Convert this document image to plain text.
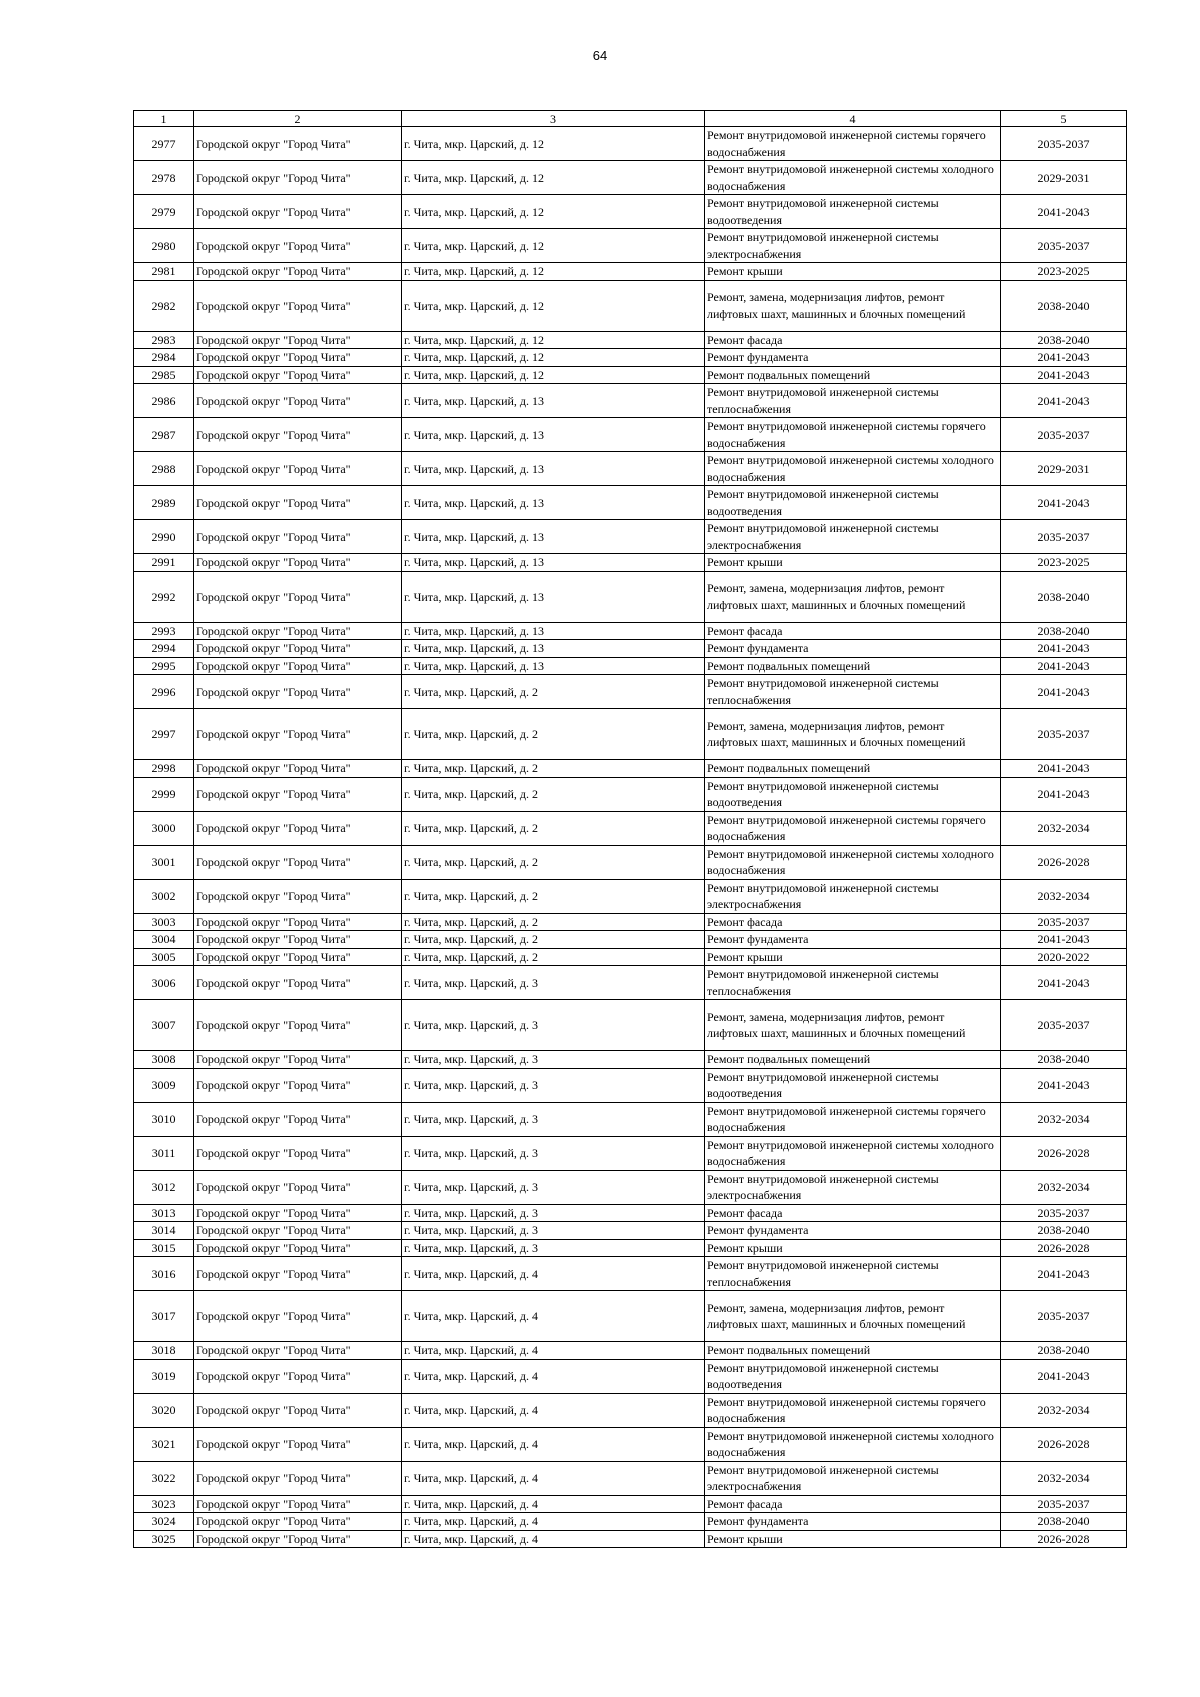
64
1	2	3	4	5
2977	Городской округ "Город Чита"	г. Чита, мкр. Царский, д. 12	Ремонт внутридомовой инженерной системы горячего водоснабжения	2035-2037
2978	Городской округ "Город Чита"	г. Чита, мкр. Царский, д. 12	Ремонт внутридомовой инженерной системы холодного водоснабжения	2029-2031
2979	Городской округ "Город Чита"	г. Чита, мкр. Царский, д. 12	Ремонт внутридомовой инженерной системы водоотведения	2041-2043
2980	Городской округ "Город Чита"	г. Чита, мкр. Царский, д. 12	Ремонт внутридомовой инженерной системы электроснабжения	2035-2037
2981	Городской округ "Город Чита"	г. Чита, мкр. Царский, д. 12	Ремонт крыши	2023-2025
2982	Городской округ "Город Чита"	г. Чита, мкр. Царский, д. 12	Ремонт, замена, модернизация лифтов, ремонт лифтовых шахт, машинных и блочных помещений	2038-2040
2983	Городской округ "Город Чита"	г. Чита, мкр. Царский, д. 12	Ремонт фасада	2038-2040
2984	Городской округ "Город Чита"	г. Чита, мкр. Царский, д. 12	Ремонт фундамента	2041-2043
2985	Городской округ "Город Чита"	г. Чита, мкр. Царский, д. 12	Ремонт подвальных помещений	2041-2043
2986	Городской округ "Город Чита"	г. Чита, мкр. Царский, д. 13	Ремонт внутридомовой инженерной системы теплоснабжения	2041-2043
2987	Городской округ "Город Чита"	г. Чита, мкр. Царский, д. 13	Ремонт внутридомовой инженерной системы горячего водоснабжения	2035-2037
2988	Городской округ "Город Чита"	г. Чита, мкр. Царский, д. 13	Ремонт внутридомовой инженерной системы холодного водоснабжения	2029-2031
2989	Городской округ "Город Чита"	г. Чита, мкр. Царский, д. 13	Ремонт внутридомовой инженерной системы водоотведения	2041-2043
2990	Городской округ "Город Чита"	г. Чита, мкр. Царский, д. 13	Ремонт внутридомовой инженерной системы электроснабжения	2035-2037
2991	Городской округ "Город Чита"	г. Чита, мкр. Царский, д. 13	Ремонт крыши	2023-2025
2992	Городской округ "Город Чита"	г. Чита, мкр. Царский, д. 13	Ремонт, замена, модернизация лифтов, ремонт лифтовых шахт, машинных и блочных помещений	2038-2040
2993	Городской округ "Город Чита"	г. Чита, мкр. Царский, д. 13	Ремонт фасада	2038-2040
2994	Городской округ "Город Чита"	г. Чита, мкр. Царский, д. 13	Ремонт фундамента	2041-2043
2995	Городской округ "Город Чита"	г. Чита, мкр. Царский, д. 13	Ремонт подвальных помещений	2041-2043
2996	Городской округ "Город Чита"	г. Чита, мкр. Царский, д. 2	Ремонт внутридомовой инженерной системы теплоснабжения	2041-2043
2997	Городской округ "Город Чита"	г. Чита, мкр. Царский, д. 2	Ремонт, замена, модернизация лифтов, ремонт лифтовых шахт, машинных и блочных помещений	2035-2037
2998	Городской округ "Город Чита"	г. Чита, мкр. Царский, д. 2	Ремонт подвальных помещений	2041-2043
2999	Городской округ "Город Чита"	г. Чита, мкр. Царский, д. 2	Ремонт внутридомовой инженерной системы водоотведения	2041-2043
3000	Городской округ "Город Чита"	г. Чита, мкр. Царский, д. 2	Ремонт внутридомовой инженерной системы горячего водоснабжения	2032-2034
3001	Городской округ "Город Чита"	г. Чита, мкр. Царский, д. 2	Ремонт внутридомовой инженерной системы холодного водоснабжения	2026-2028
3002	Городской округ "Город Чита"	г. Чита, мкр. Царский, д. 2	Ремонт внутридомовой инженерной системы электроснабжения	2032-2034
3003	Городской округ "Город Чита"	г. Чита, мкр. Царский, д. 2	Ремонт фасада	2035-2037
3004	Городской округ "Город Чита"	г. Чита, мкр. Царский, д. 2	Ремонт фундамента	2041-2043
3005	Городской округ "Город Чита"	г. Чита, мкр. Царский, д. 2	Ремонт крыши	2020-2022
3006	Городской округ "Город Чита"	г. Чита, мкр. Царский, д. 3	Ремонт внутридомовой инженерной системы теплоснабжения	2041-2043
3007	Городской округ "Город Чита"	г. Чита, мкр. Царский, д. 3	Ремонт, замена, модернизация лифтов, ремонт лифтовых шахт, машинных и блочных помещений	2035-2037
3008	Городской округ "Город Чита"	г. Чита, мкр. Царский, д. 3	Ремонт подвальных помещений	2038-2040
3009	Городской округ "Город Чита"	г. Чита, мкр. Царский, д. 3	Ремонт внутридомовой инженерной системы водоотведения	2041-2043
3010	Городской округ "Город Чита"	г. Чита, мкр. Царский, д. 3	Ремонт внутридомовой инженерной системы горячего водоснабжения	2032-2034
3011	Городской округ "Город Чита"	г. Чита, мкр. Царский, д. 3	Ремонт внутридомовой инженерной системы холодного водоснабжения	2026-2028
3012	Городской округ "Город Чита"	г. Чита, мкр. Царский, д. 3	Ремонт внутридомовой инженерной системы электроснабжения	2032-2034
3013	Городской округ "Город Чита"	г. Чита, мкр. Царский, д. 3	Ремонт фасада	2035-2037
3014	Городской округ "Город Чита"	г. Чита, мкр. Царский, д. 3	Ремонт фундамента	2038-2040
3015	Городской округ "Город Чита"	г. Чита, мкр. Царский, д. 3	Ремонт крыши	2026-2028
3016	Городской округ "Город Чита"	г. Чита, мкр. Царский, д. 4	Ремонт внутридомовой инженерной системы теплоснабжения	2041-2043
3017	Городской округ "Город Чита"	г. Чита, мкр. Царский, д. 4	Ремонт, замена, модернизация лифтов, ремонт лифтовых шахт, машинных и блочных помещений	2035-2037
3018	Городской округ "Город Чита"	г. Чита, мкр. Царский, д. 4	Ремонт подвальных помещений	2038-2040
3019	Городской округ "Город Чита"	г. Чита, мкр. Царский, д. 4	Ремонт внутридомовой инженерной системы водоотведения	2041-2043
3020	Городской округ "Город Чита"	г. Чита, мкр. Царский, д. 4	Ремонт внутридомовой инженерной системы горячего водоснабжения	2032-2034
3021	Городской округ "Город Чита"	г. Чита, мкр. Царский, д. 4	Ремонт внутридомовой инженерной системы холодного водоснабжения	2026-2028
3022	Городской округ "Город Чита"	г. Чита, мкр. Царский, д. 4	Ремонт внутридомовой инженерной системы электроснабжения	2032-2034
3023	Городской округ "Город Чита"	г. Чита, мкр. Царский, д. 4	Ремонт фасада	2035-2037
3024	Городской округ "Город Чита"	г. Чита, мкр. Царский, д. 4	Ремонт фундамента	2038-2040
3025	Городской округ "Город Чита"	г. Чита, мкр. Царский, д. 4	Ремонт крыши	2026-2028
